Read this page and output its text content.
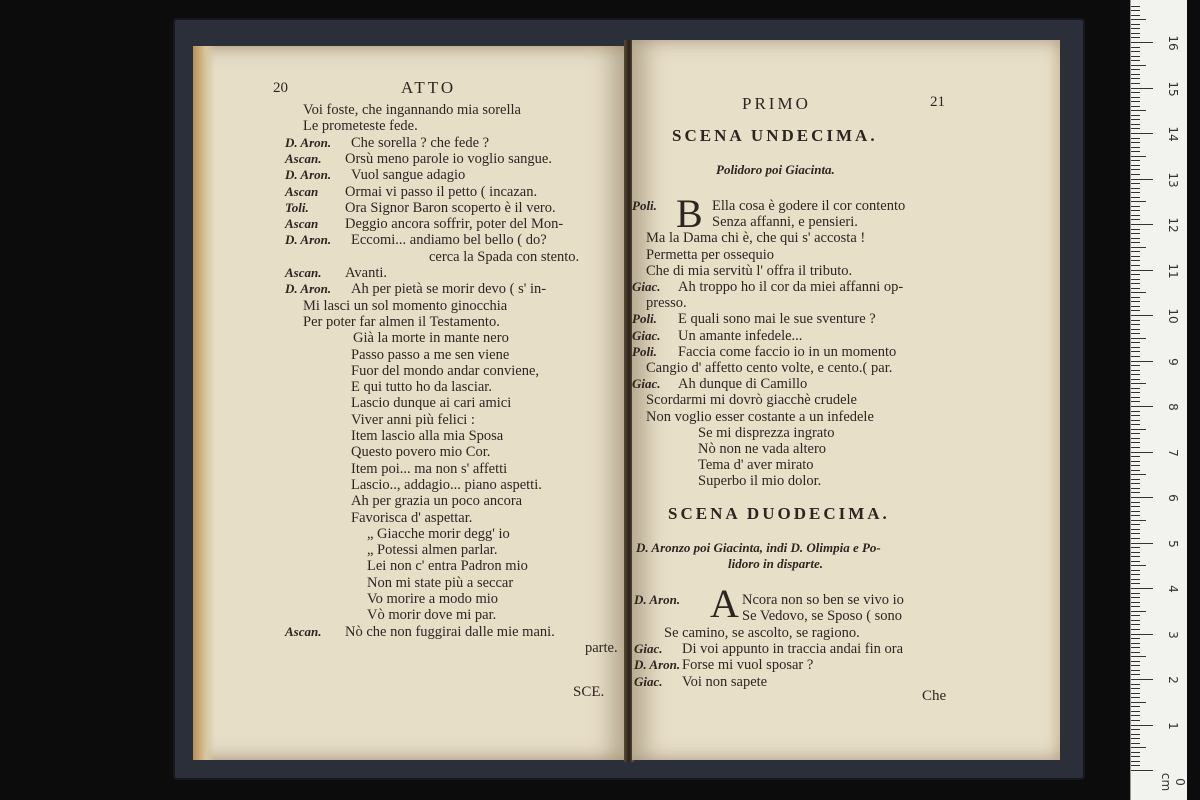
20	ATTO
Voi foste, che ingannando mia sorella
Le prometeste fede.
D. Aron. Che sorella ? che fede ?
Ascan. Orsù meno parole io voglio sangue.
D. Aron. Vuol sangue adagio
Ascan Ormai vi passo il petto ( incazan.
Toli.	Ora Signor Baron scoperto è il vero.
Ascan Deggio ancora soffrir, poter del Mon-
D. Aron. Eccomi... andiamo bel bello ( do?
cerca la Spada con stento.
Ascan. Avanti.
D. Aron. Ah per pietà se morir devo ( s' in-
Mi lasci un sol momento ginocchia
Per poter far almen il Testamento.
Già la morte in mante nero
Passo passo a me sen viene
Fuor del mondo andar conviene,
E qui tutto ho da lasciar.
Lascio dunque ai cari amici
Viver anni più felici :
Item lascio alla mia Sposa
Questo povero mio Cor.
Item poi... ma non s' affetti
Lascio.., addagio... piano aspetti.
Ah per grazia un poco ancora
Favorisca d' aspettar.
„ Giacche morir degg' io
„ Potessi almen parlar.
Lei non c' entra Padron mio
Non mi state più a seccar
Vo morire a modo mio
Vò morir dove mi par.
Ascan. Nò che non fuggirai dalle mie mani.
parte.
SCE.
PRIMO	21
SCENA UNDECIMA.
Polidoro poi Giacinta.
B
Poli.	Ella cosa è godere il cor contento
Senza affanni, e pensieri.
Ma la Dama chi è, che qui s' accosta !
Permetta per ossequio
Che di mia servitù l' offra il tributo.
Giac. Ah troppo ho il cor da miei affanni op-
presso.
Poli. E quali sono mai le sue sventure ?
Giac. Un amante infedele...
Poli. Faccia come faccio io in un momento
Cangio d' affetto cento volte, e cento.( par.
Giac. Ah dunque di Camillo
Scordarmi mi dovrò giacchè crudele
Non voglio esser costante a un infedele
Se mi disprezza ingrato
Nò non ne vada altero
Tema d' aver mirato
Superbo il mio dolor.
SCENA DUODECIMA.
D. Aronzo poi Giacinta, indi D. Olimpia e Po-
lidoro in disparte.
A
D. Aron.	Ncora non so ben se vivo io
Se Vedovo, se Sposo ( sono
Se camino, se ascolto, se ragiono.
Giac. Di voi appunto in traccia andai fin ora
D. Aron. Forse mi vuol sposar ?
Giac. Voi non sapete
Che
1
2
3
4
5
6
7
8
9
10
11
12
13
14
15
16
0 cm
